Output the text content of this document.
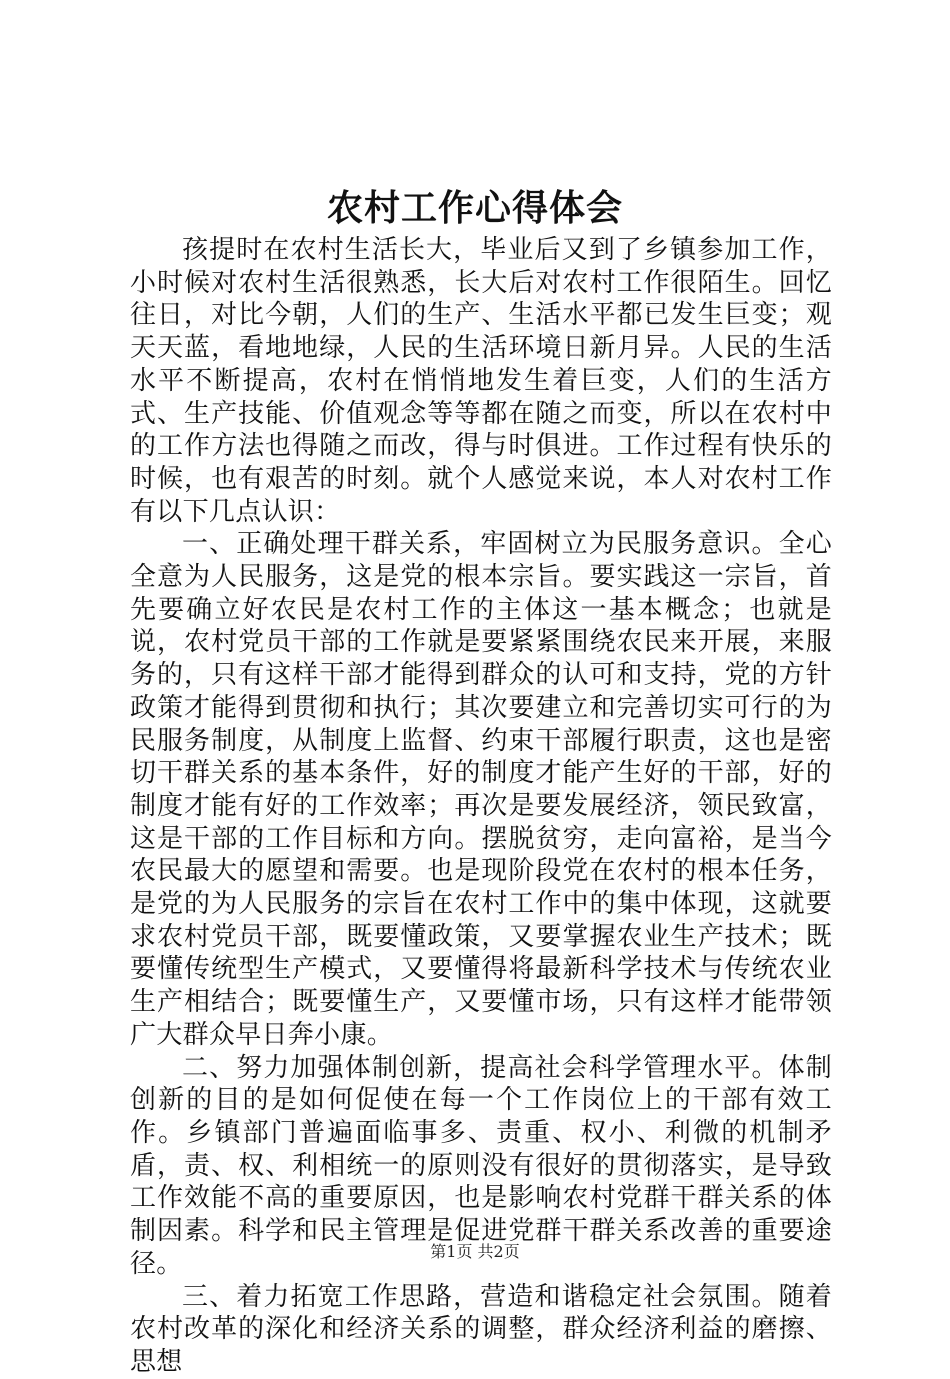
农村工作心得体会

孩提时在农村生活长大，毕业后又到了乡镇参加工作，小时候对农村生活很熟悉，长大后对农村工作很陌生。回忆往日，对比今朝，人们的生产、生活水平都已发生巨变；观天天蓝，看地地绿，人民的生活环境日新月异。人民的生活水平不断提高，农村在悄悄地发生着巨变，人们的生活方式、生产技能、价值观念等等都在随之而变，所以在农村中的工作方法也得随之而改，得与时俱进。工作过程有快乐的时候，也有艰苦的时刻。就个人感觉来说，本人对农村工作有以下几点认识：

一、正确处理干群关系，牢固树立为民服务意识。全心全意为人民服务，这是党的根本宗旨。要实践这一宗旨，首先要确立好农民是农村工作的主体这一基本概念；也就是说，农村党员干部的工作就是要紧紧围绕农民来开展，来服务的，只有这样干部才能得到群众的认可和支持，党的方针政策才能得到贯彻和执行；其次要建立和完善切实可行的为民服务制度，从制度上监督、约束干部履行职责，这也是密切干群关系的基本条件，好的制度才能产生好的干部，好的制度才能有好的工作效率；再次是要发展经济，领民致富，这是干部的工作目标和方向。摆脱贫穷，走向富裕，是当今农民最大的愿望和需要。也是现阶段党在农村的根本任务，是党的为人民服务的宗旨在农村工作中的集中体现，这就要求农村党员干部，既要懂政策，又要掌握农业生产技术；既要懂传统型生产模式，又要懂得将最新科学技术与传统农业生产相结合；既要懂生产，又要懂市场，只有这样才能带领广大群众早日奔小康。

二、努力加强体制创新，提高社会科学管理水平。体制创新的目的是如何促使在每一个工作岗位上的干部有效工作。乡镇部门普遍面临事多、责重、权小、利微的机制矛盾，责、权、利相统一的原则没有很好的贯彻落实，是导致工作效能不高的重要原因，也是影响农村党群干群关系的体制因素。科学和民主管理是促进党群干群关系改善的重要途径。

三、着力拓宽工作思路，营造和谐稳定社会氛围。随着农村改革的深化和经济关系的调整，群众经济利益的磨擦、思想

第1页 共2页
